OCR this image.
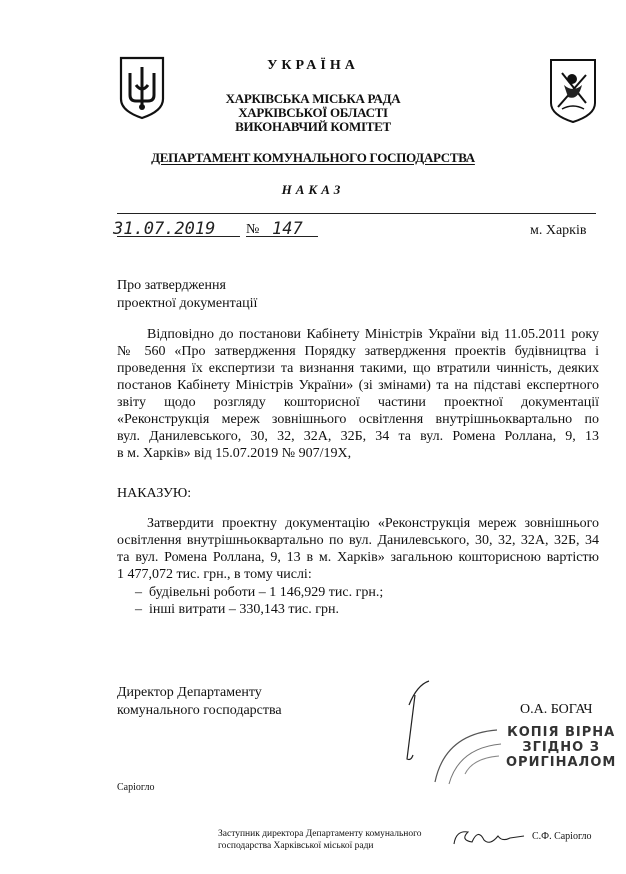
УКРАЇНА
ХАРКІВСЬКА МІСЬКА РАДА
ХАРКІВСЬКОЇ ОБЛАСТІ
ВИКОНАВЧИЙ КОМІТЕТ
ДЕПАРТАМЕНТ КОМУНАЛЬНОГО ГОСПОДАРСТВА
НАКАЗ
31.07.2019 № 147	м. Харків
Про затвердження
проектної документації
Відповідно до постанови Кабінету Міністрів України від 11.05.2011 року
№ 560 «Про затвердження Порядку затвердження проектів будівництва і
проведення їх експертизи та визнання такими, що втратили чинність, деяких
постанов Кабінету Міністрів України» (зі змінами) та на підставі експертного
звіту щодо розгляду кошторисної частини проектної документації
«Реконструкція мереж зовнішнього освітлення внутрішньоквартально по
вул. Данилевського, 30, 32, 32А, 32Б, 34 та вул. Ромена Роллана, 9, 13
в м. Харків» від 15.07.2019 № 907/19Х,
НАКАЗУЮ:
Затвердити проектну документацію «Реконструкція мереж зовнішнього
освітлення внутрішньоквартально по вул. Данилевського, 30, 32, 32А, 32Б, 34
та вул. Ромена Роллана, 9, 13 в м. Харків» загальною кошторисною вартістю
1 477,072 тис. грн., в тому числі:
– будівельні роботи – 1 146,929 тис. грн.;
– інші витрати – 330,143 тис. грн.
Директор Департаменту
комунального господарства	О.А. БОГАЧ
КОПІЯ ВІРНА
ЗГІДНО З
ОРИГІНАЛОМ
Саріогло
Заступник директора Департаменту комунального
господарства Харківської міської ради
С.Ф. Саріогло
